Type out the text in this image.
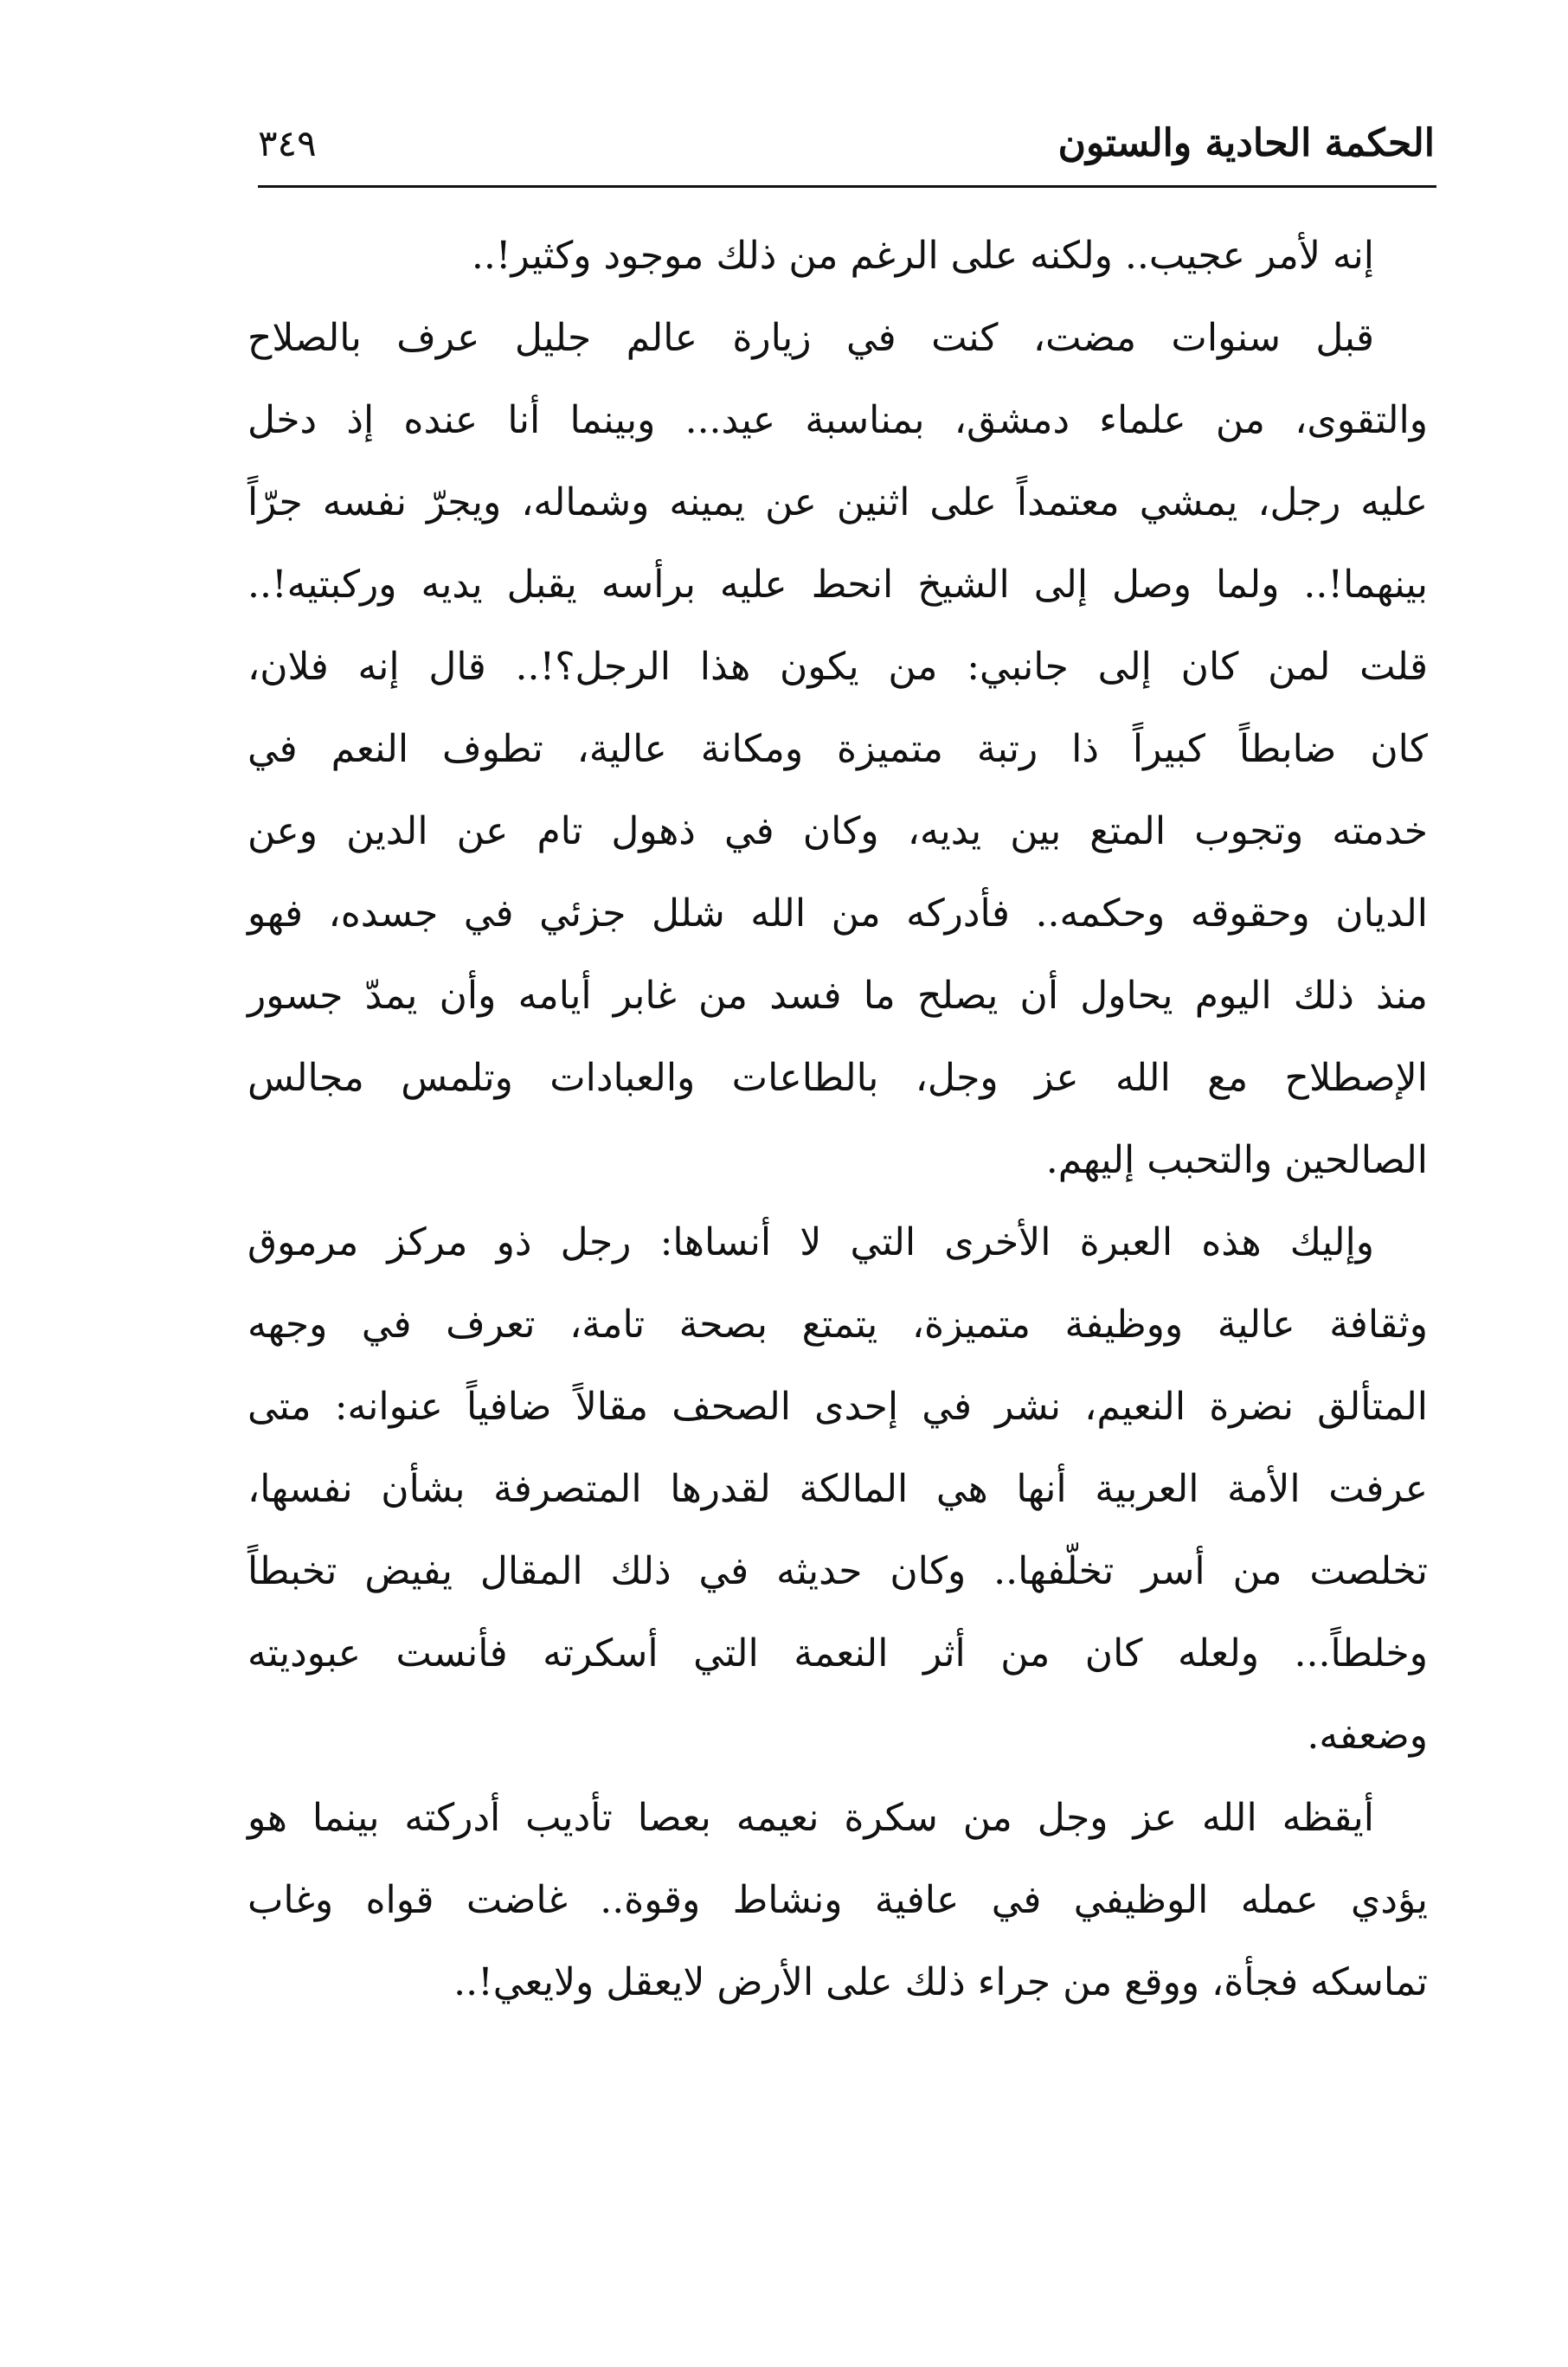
الحكمة الحادية والستون
٣٤٩

إنه لأمر عجيب.. ولكنه على الرغم من ذلك موجود وكثير!..

قبل سنوات مضت، كنت في زيارة عالم جليل عرف بالصلاح
والتقوى، من علماء دمشق، بمناسبة عيد... وبينما أنا عنده إذ دخل
عليه رجل، يمشي معتمداً على اثنين عن يمينه وشماله، ويجرّ نفسه جرّاً
بينهما!.. ولما وصل إلى الشيخ انحط عليه برأسه يقبل يديه وركبتيه!..
قلت لمن كان إلى جانبي: من يكون هذا الرجل؟!.. قال إنه فلان،
كان ضابطاً كبيراً ذا رتبة متميزة ومكانة عالية، تطوف النعم في
خدمته وتجوب المتع بين يديه، وكان في ذهول تام عن الدين وعن
الديان وحقوقه وحكمه.. فأدركه من الله شلل جزئي في جسده، فهو
منذ ذلك اليوم يحاول أن يصلح ما فسد من غابر أيامه وأن يمدّ جسور
الإصطلاح مع الله عز وجل، بالطاعات والعبادات وتلمس مجالس
الصالحين والتحبب إليهم.

وإليك هذه العبرة الأخرى التي لا أنساها: رجل ذو مركز مرموق
وثقافة عالية ووظيفة متميزة، يتمتع بصحة تامة، تعرف في وجهه
المتألق نضرة النعيم، نشر في إحدى الصحف مقالاً ضافياً عنوانه: متى
عرفت الأمة العربية أنها هي المالكة لقدرها المتصرفة بشأن نفسها،
تخلصت من أسر تخلّفها.. وكان حديثه في ذلك المقال يفيض تخبطاً
وخلطاً... ولعله كان من أثر النعمة التي أسكرته فأنست عبوديته
وضعفه.

أيقظه الله عز وجل من سكرة نعيمه بعصا تأديب أدركته بينما هو
يؤدي عمله الوظيفي في عافية ونشاط وقوة.. غاضت قواه وغاب
تماسكه فجأة، ووقع من جراء ذلك على الأرض لايعقل ولايعي!..
